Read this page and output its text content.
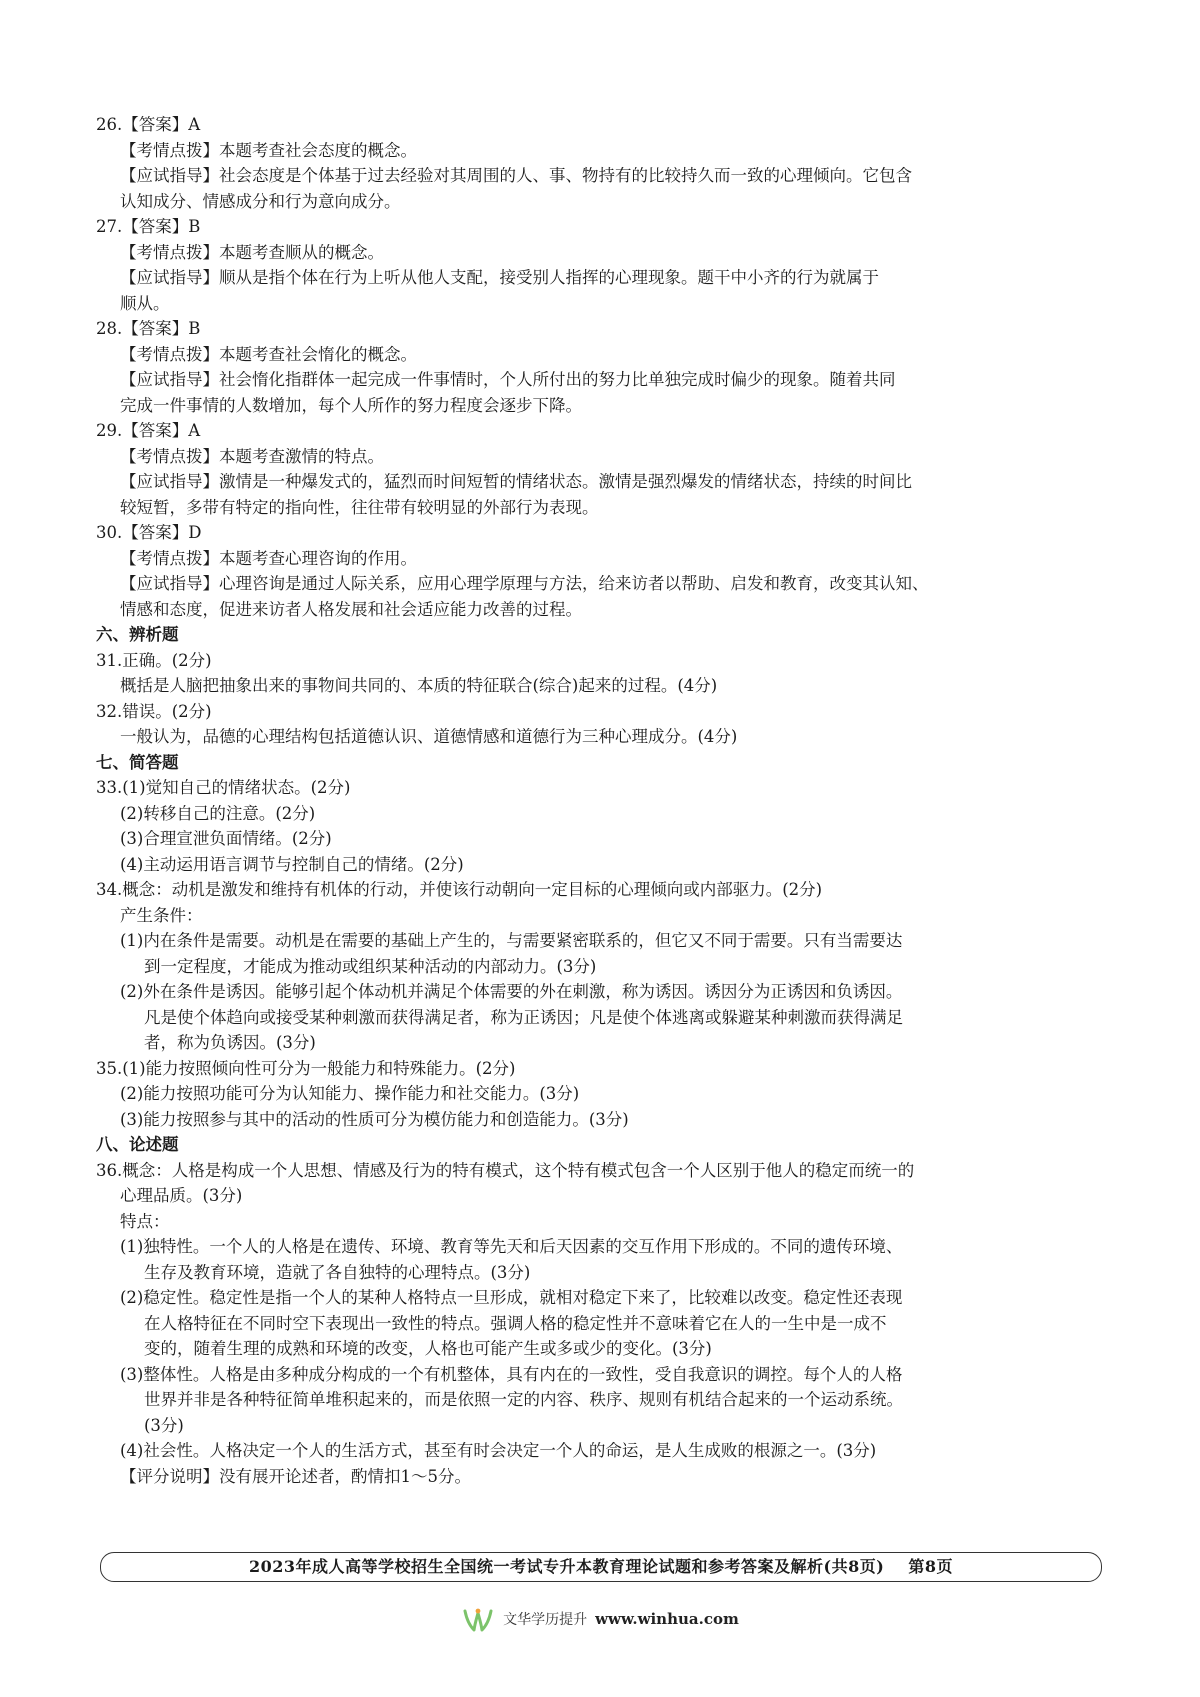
26.【答案】A
【考情点拨】本题考查社会态度的概念。
【应试指导】社会态度是个体基于过去经验对其周围的人、事、物持有的比较持久而一致的心理倾向。它包含
认知成分、情感成分和行为意向成分。
27.【答案】B
【考情点拨】本题考查顺从的概念。
【应试指导】顺从是指个体在行为上听从他人支配，接受别人指挥的心理现象。题干中小齐的行为就属于
顺从。
28.【答案】B
【考情点拨】本题考查社会惰化的概念。
【应试指导】社会惰化指群体一起完成一件事情时，个人所付出的努力比单独完成时偏少的现象。随着共同
完成一件事情的人数增加，每个人所作的努力程度会逐步下降。
29.【答案】A
【考情点拨】本题考查激情的特点。
【应试指导】激情是一种爆发式的，猛烈而时间短暂的情绪状态。激情是强烈爆发的情绪状态，持续的时间比
较短暂，多带有特定的指向性，往往带有较明显的外部行为表现。
30.【答案】D
【考情点拨】本题考查心理咨询的作用。
【应试指导】心理咨询是通过人际关系，应用心理学原理与方法，给来访者以帮助、启发和教育，改变其认知、
情感和态度，促进来访者人格发展和社会适应能力改善的过程。
六、辨析题
31.正确。(2分)
概括是人脑把抽象出来的事物间共同的、本质的特征联合(综合)起来的过程。(4分)
32.错误。(2分)
一般认为，品德的心理结构包括道德认识、道德情感和道德行为三种心理成分。(4分)
七、简答题
33.(1)觉知自己的情绪状态。(2分)
(2)转移自己的注意。(2分)
(3)合理宣泄负面情绪。(2分)
(4)主动运用语言调节与控制自己的情绪。(2分)
34.概念：动机是激发和维持有机体的行动，并使该行动朝向一定目标的心理倾向或内部驱力。(2分)
产生条件：
(1)内在条件是需要。动机是在需要的基础上产生的，与需要紧密联系的，但它又不同于需要。只有当需要达
到一定程度，才能成为推动或组织某种活动的内部动力。(3分)
(2)外在条件是诱因。能够引起个体动机并满足个体需要的外在刺激，称为诱因。诱因分为正诱因和负诱因。
凡是使个体趋向或接受某种刺激而获得满足者，称为正诱因；凡是使个体逃离或躲避某种刺激而获得满足
者，称为负诱因。(3分)
35.(1)能力按照倾向性可分为一般能力和特殊能力。(2分)
(2)能力按照功能可分为认知能力、操作能力和社交能力。(3分)
(3)能力按照参与其中的活动的性质可分为模仿能力和创造能力。(3分)
八、论述题
36.概念：人格是构成一个人思想、情感及行为的特有模式，这个特有模式包含一个人区别于他人的稳定而统一的
心理品质。(3分)
特点：
(1)独特性。一个人的人格是在遗传、环境、教育等先天和后天因素的交互作用下形成的。不同的遗传环境、
生存及教育环境，造就了各自独特的心理特点。(3分)
(2)稳定性。稳定性是指一个人的某种人格特点一旦形成，就相对稳定下来了，比较难以改变。稳定性还表现
在人格特征在不同时空下表现出一致性的特点。强调人格的稳定性并不意味着它在人的一生中是一成不
变的，随着生理的成熟和环境的改变，人格也可能产生或多或少的变化。(3分)
(3)整体性。人格是由多种成分构成的一个有机整体，具有内在的一致性，受自我意识的调控。每个人的人格
世界并非是各种特征简单堆积起来的，而是依照一定的内容、秩序、规则有机结合起来的一个运动系统。
(3分)
(4)社会性。人格决定一个人的生活方式，甚至有时会决定一个人的命运，是人生成败的根源之一。(3分)
【评分说明】没有展开论述者，酌情扣1～5分。
2023年成人高等学校招生全国统一考试专升本教育理论试题和参考答案及解析(共8页) 第8页
文华学历提升 www.winhua.com
